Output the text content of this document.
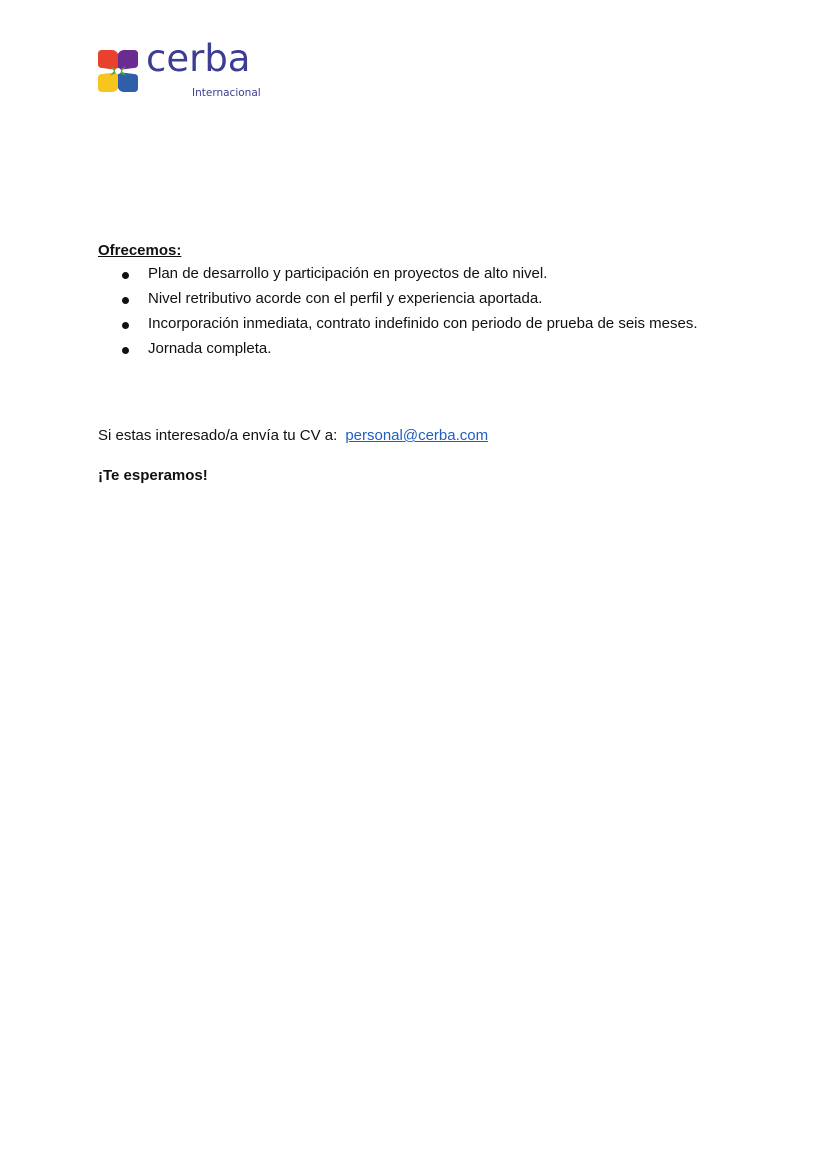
cerba
Internacional
Ofrecemos:
Plan de desarrollo y participación en proyectos de alto nivel.
Nivel retributivo acorde con el perfil y experiencia aportada.
Incorporación inmediata, contrato indefinido con periodo de prueba de seis meses.
Jornada completa.
Si estas interesado/a envía tu CV a: personal@cerba.com
¡Te esperamos!
